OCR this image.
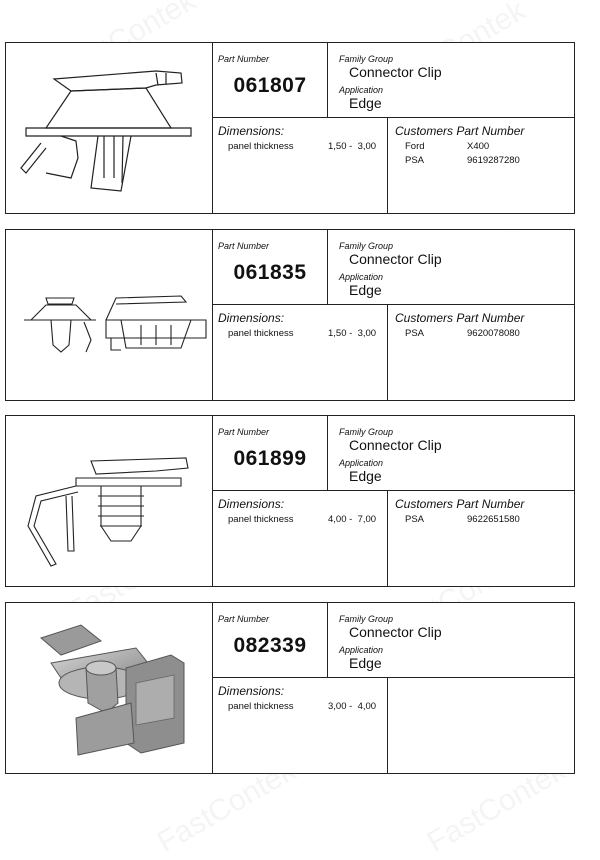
Part Number
061807
Family Group
Connector Clip
Application
Edge
Dimensions:
panel thickness	1,50 -  3,00
Customers Part Number
Ford	X400
PSA	9619287280
Part Number
061835
Family Group
Connector Clip
Application
Edge
Dimensions:
panel thickness	1,50 -  3,00
Customers Part Number
PSA	9620078080
Part Number
061899
Family Group
Connector Clip
Application
Edge
Dimensions:
panel thickness	4,00 -  7,00
Customers Part Number
PSA	9622651580
Part Number
082339
Family Group
Connector Clip
Application
Edge
Dimensions:
panel thickness	3,00 -  4,00
